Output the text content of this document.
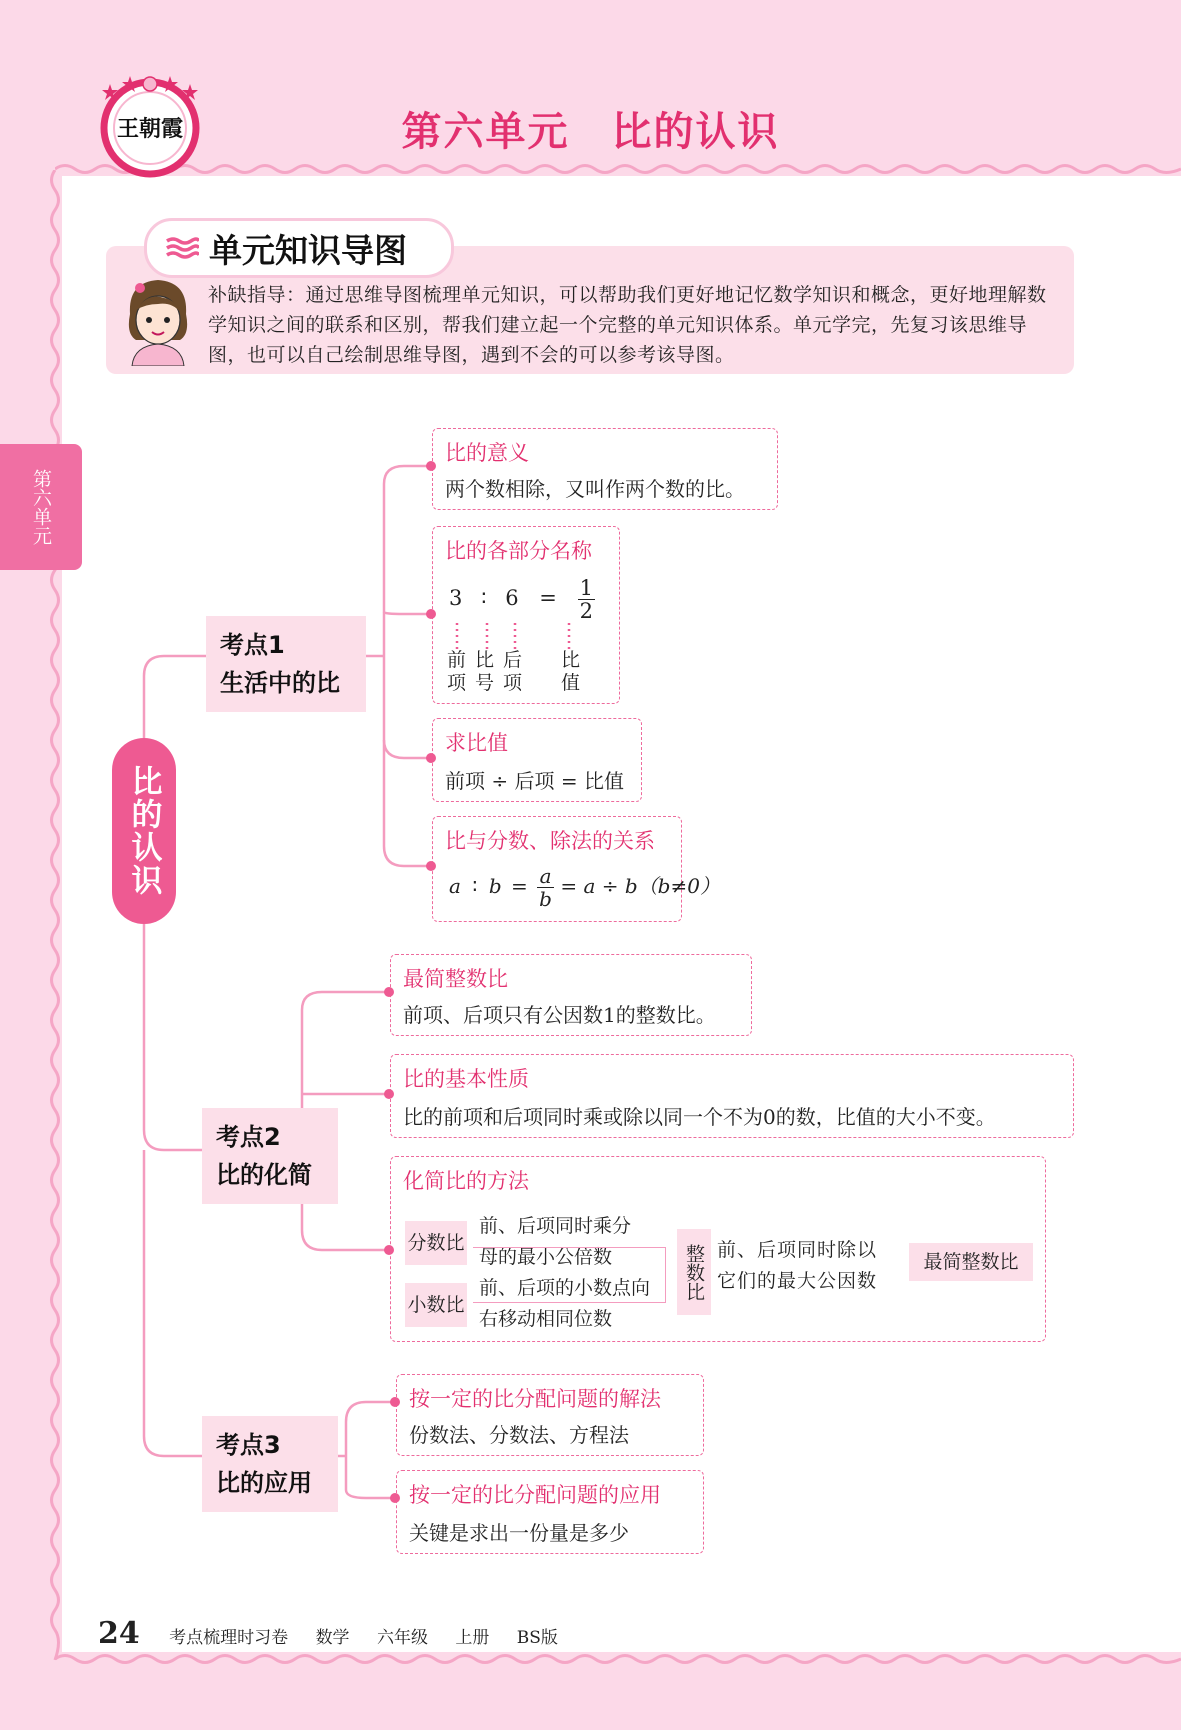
王朝霞	第六单元　比的认识
第六单元
单元知识导图
补缺指导：通过思维导图梳理单元知识，可以帮助我们更好地记忆数学知识和概念，更好地理解数学知识之间的联系和区别，帮我们建立起一个完整的单元知识体系。单元学完，先复习该思维导图，也可以自己绘制思维导图，遇到不会的可以参考该导图。
比的认识
考点1
生活中的比
比的意义
两个数相除，又叫作两个数的比。
比的各部分名称
3 ∶ $6 = \frac{1}{2}$
前
项比
号后
项比
值
求比值
前项 ÷ 后项 = 比值
比与分数、除法的关系
a ∶ $b = \frac{a}{b} = a \div b(b\ne 0)$
考点2
比的化简
最简整数比
前项、后项只有公因数1的整数比。
比的基本性质
比的前项和后项同时乘或除以同一个不为0的数，比值的大小不变。
化简比的方法
分数比
小数比
前、后项同时乘分
母的最小公倍数
前、后项的小数点向
右移动相同位数
整数比 前、后项同时除以
它们的最大公因数
最简整数比
考点3
比的应用
按一定的比分配问题的解法
份数法、分数法、方程法
按一定的比分配问题的应用
关键是求出一份量是多少
24 考点梳理时习卷 数学 六年级 上册 BS版
